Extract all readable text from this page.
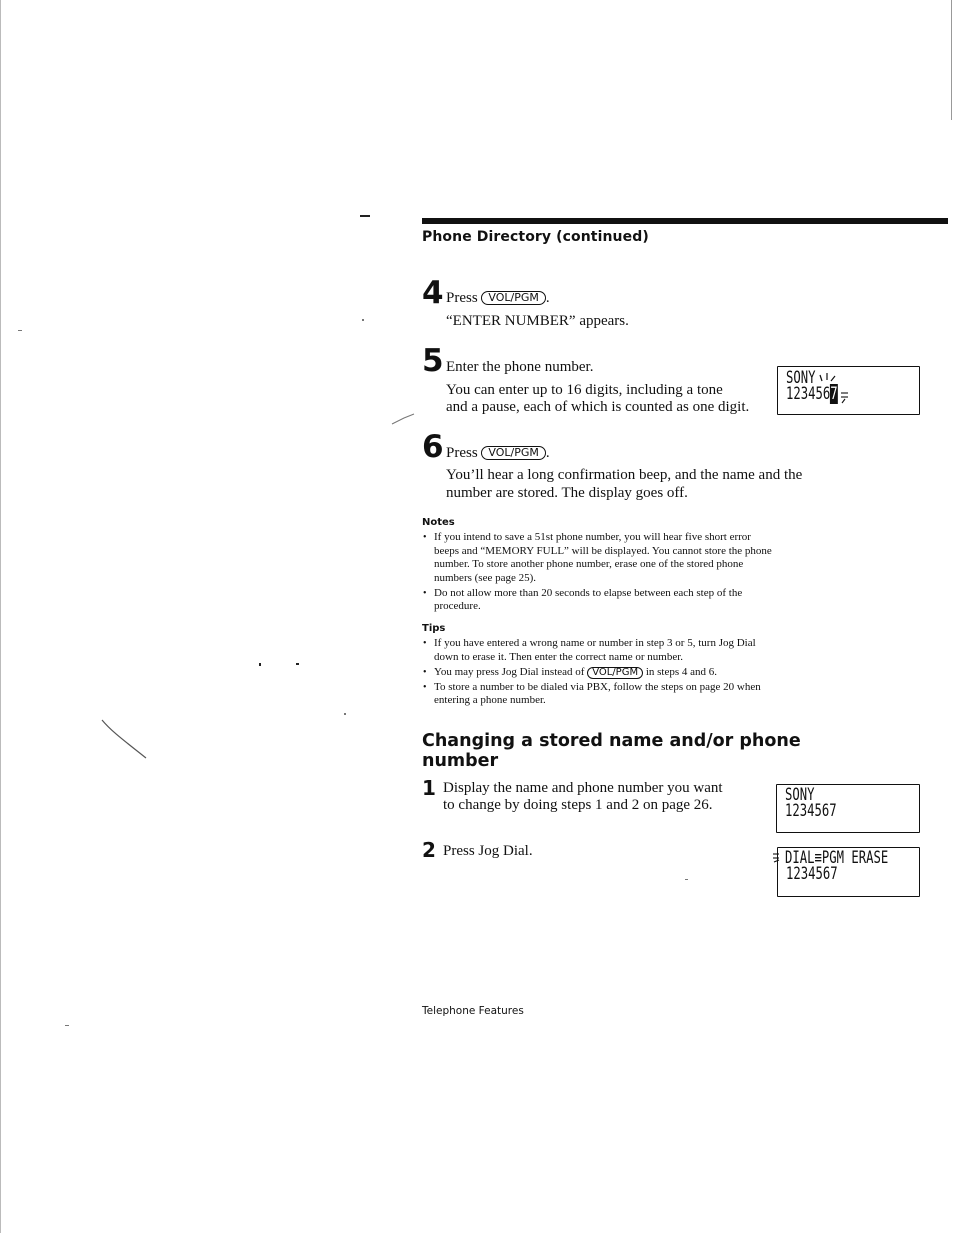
Phone Directory (continued)
4 Press VOL/PGM .
“ENTER NUMBER” appears.
5 Enter the phone number.
You can enter up to 16 digits, including a tone
and a pause, each of which is counted as one digit.
SONY
1234567
6 Press VOL/PGM .
You’ll hear a long confirmation beep, and the name and the
number are stored. The display goes off.
Notes
• If you intend to save a 51st phone number, you will hear five short error
beeps and “MEMORY FULL” will be displayed. You cannot store the phone
number. To store another phone number, erase one of the stored phone
numbers (see page 25).
• Do not allow more than 20 seconds to elapse between each step of the
procedure.
Tips
• If you have entered a wrong name or number in step 3 or 5, turn Jog Dial
down to erase it. Then enter the correct name or number.
• You may press Jog Dial instead of VOL/PGM in steps 4 and 6.
• To store a number to be dialed via PBX, follow the steps on page 20 when
entering a phone number.
Changing a stored name and/or phone
number
1 Display the name and phone number you want
to change by doing steps 1 and 2 on page 26.	SONY
1234567
2 Press Jog Dial.	DIAL≡PGM ERASE
1234567
Telephone Features
